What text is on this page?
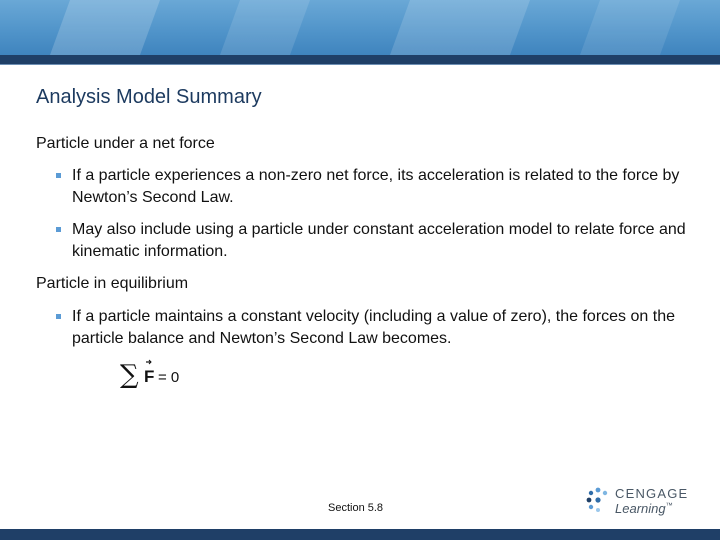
Analysis Model Summary
Particle under a net force
If a particle experiences a non-zero net force, its acceleration is related to the force by Newton’s Second Law.
May also include using a particle under constant acceleration model to relate force and kinematic information.
Particle in equilibrium
If a particle maintains a constant velocity (including a value of zero), the forces on the particle balance and Newton’s Second Law becomes.
∑ F = 0
Section 5.8
CENGAGE
Learning™
